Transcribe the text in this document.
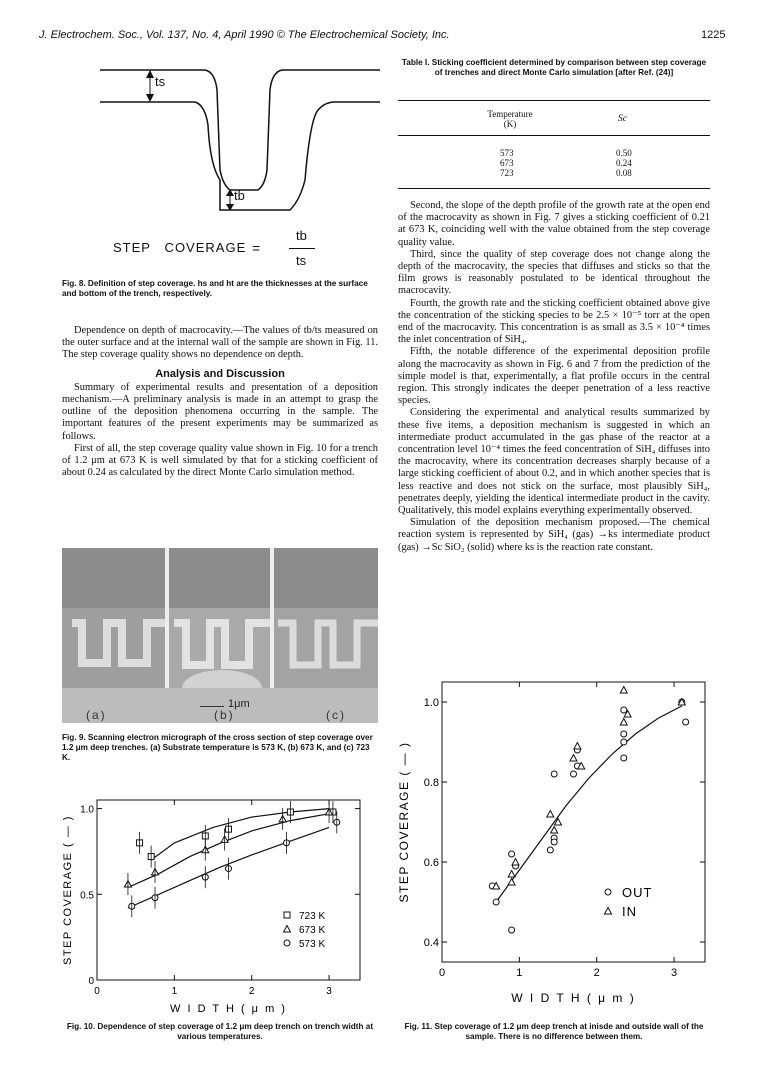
J. Electrochem. Soc., Vol. 137, No. 4, April 1990 © The Electrochemical Society, Inc.	1225
ts
tb
STEP   COVERAGE =
tb
ts
Fig. 8. Definition of step coverage. hs and ht are the thicknesses at the surface and bottom of the trench, respectively.

Dependence on depth of macrocavity.—The values of tb/ts measured on the outer surface and at the internal wall of the sample are shown in Fig. 11. The step coverage quality shows no dependence on depth.

Analysis and Discussion

Summary of experimental results and presentation of a deposition mechanism.—A preliminary analysis is made in an attempt to grasp the outline of the deposition phenomena occurring in the sample. The important features of the present experiments may be summarized as follows.

First of all, the step coverage quality value shown in Fig. 10 for a trench of 1.2 μm at 673 K is well simulated by that for a sticking coefficient of about 0.24 as calculated by the direct Monte Carlo simulation method.

1μm
(a)	(b)	(c)
Fig. 9. Scanning electron micrograph of the cross section of step coverage over 1.2 μm deep trenches. (a) Substrate temperature is 573 K, (b) 673 K, and (c) 723 K.
0	1	2	3
0
0.5
1.0
W I D T H ( μ m )
STEP COVERAGE ( — )	723 K
673 K
573 K
Fig. 10. Dependence of step coverage of 1.2 μm deep trench on trench width at various temperatures.
Table I. Sticking coefficient determined by comparison between step coverage of trenches and direct Monte Carlo simulation [after Ref. (24)]
Temperature (K)	Sc
573	0.50
673	0.24
723	0.08

Second, the slope of the depth profile of the growth rate at the open end of the macrocavity as shown in Fig. 7 gives a sticking coefficient of 0.21 at 673 K, coinciding well with the value obtained from the step coverage quality value.

Third, since the quality of step coverage does not change along the depth of the macrocavity, the species that diffuses and sticks so that the film grows is reasonably postulated to be identical throughout the macrocavity.

Fourth, the growth rate and the sticking coefficient obtained above give the concentration of the sticking species to be 2.5 × 10⁻⁵ torr at the open end of the macrocavity. This concentration is as small as 3.5 × 10⁻⁴ times the inlet concentration of SiH₄.

Fifth, the notable difference of the experimental deposition profile along the macrocavity as shown in Fig. 6 and 7 from the prediction of the simple model is that, experimentally, a flat profile occurs in the central region. This strongly indicates the deeper penetration of a less reactive species.

Considering the experimental and analytical results summarized by these five items, a deposition mechanism is suggested in which an intermediate product accumulated in the gas phase of the reactor at a concentration level 10⁻⁴ times the feed concentration of SiH₄ diffuses into the macrocavity, where its concentration decreases sharply because of a large sticking coefficient of about 0.2, and in which another species that is less reactive and does not stick on the surface, most plausibly SiH₄, penetrates deeply, yielding the identical intermediate product in the cavity. Qualitatively, this model explains everything experimentally observed.

Simulation of the deposition mechanism proposed.—The chemical reaction system is represented by SiH₄ (gas) →ks intermediate product (gas) →Sc SiO₂ (solid) where ks is the reaction rate constant.

0	1	2	3
0.4
0.6
0.8
1.0
W I D T H ( μ m )
STEP COVERAGE ( — )	OUT
IN
Fig. 11. Step coverage of 1.2 μm deep trench at inisde and outside wall of the sample. There is no difference between them.
